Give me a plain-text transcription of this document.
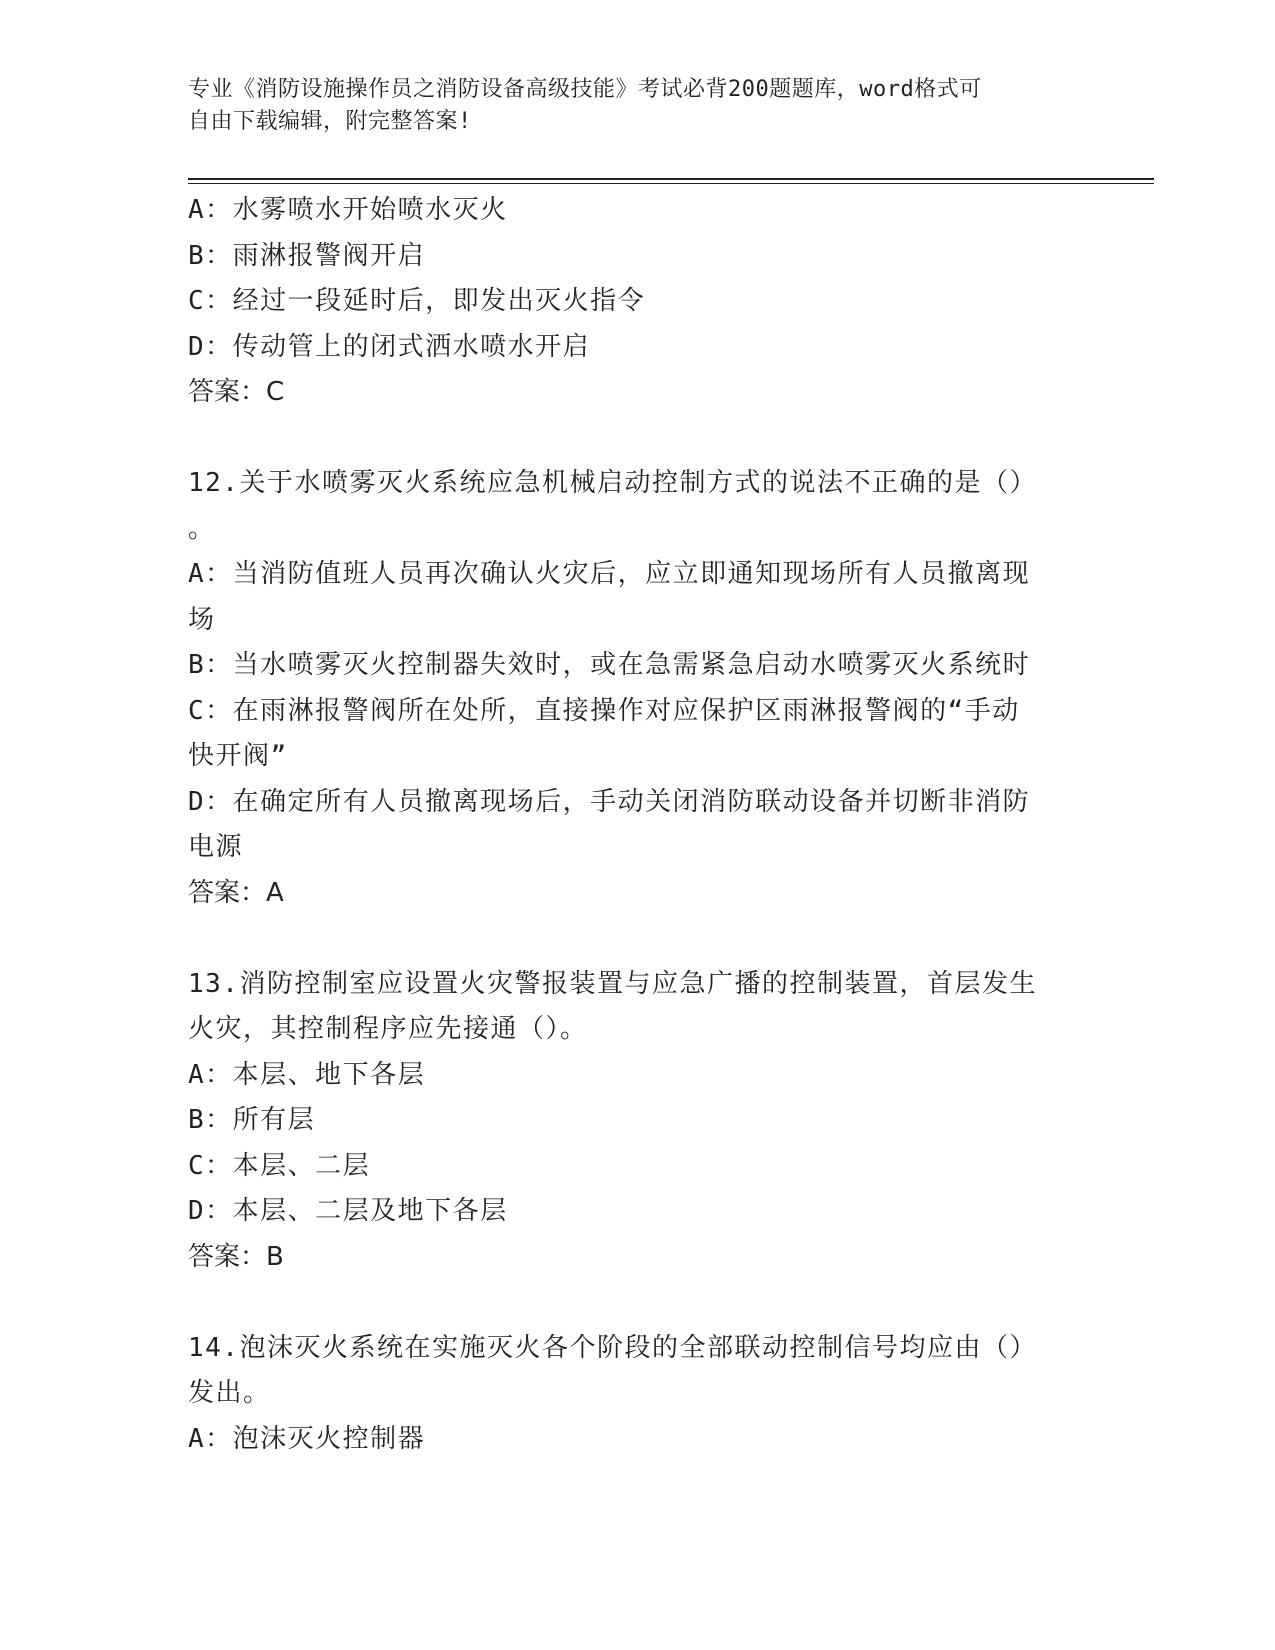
专业《消防设施操作员之消防设备高级技能》考试必背200题题库，word格式可
自由下载编辑，附完整答案!
A：水雾喷水开始喷水灭火
B：雨淋报警阀开启
C：经过一段延时后，即发出灭火指令
D：传动管上的闭式洒水喷水开启
答案：C
12.关于水喷雾灭火系统应急机械启动控制方式的说法不正确的是（）
。
A：当消防值班人员再次确认火灾后，应立即通知现场所有人员撤离现
场
B：当水喷雾灭火控制器失效时，或在急需紧急启动水喷雾灭火系统时
C：在雨淋报警阀所在处所，直接操作对应保护区雨淋报警阀的“手动
快开阀”
D：在确定所有人员撤离现场后，手动关闭消防联动设备并切断非消防
电源
答案：A
13.消防控制室应设置火灾警报装置与应急广播的控制装置，首层发生
火灾，其控制程序应先接通（）。
A：本层、地下各层
B：所有层
C：本层、二层
D：本层、二层及地下各层
答案：B
14.泡沫灭火系统在实施灭火各个阶段的全部联动控制信号均应由（）
发出。
A：泡沫灭火控制器
